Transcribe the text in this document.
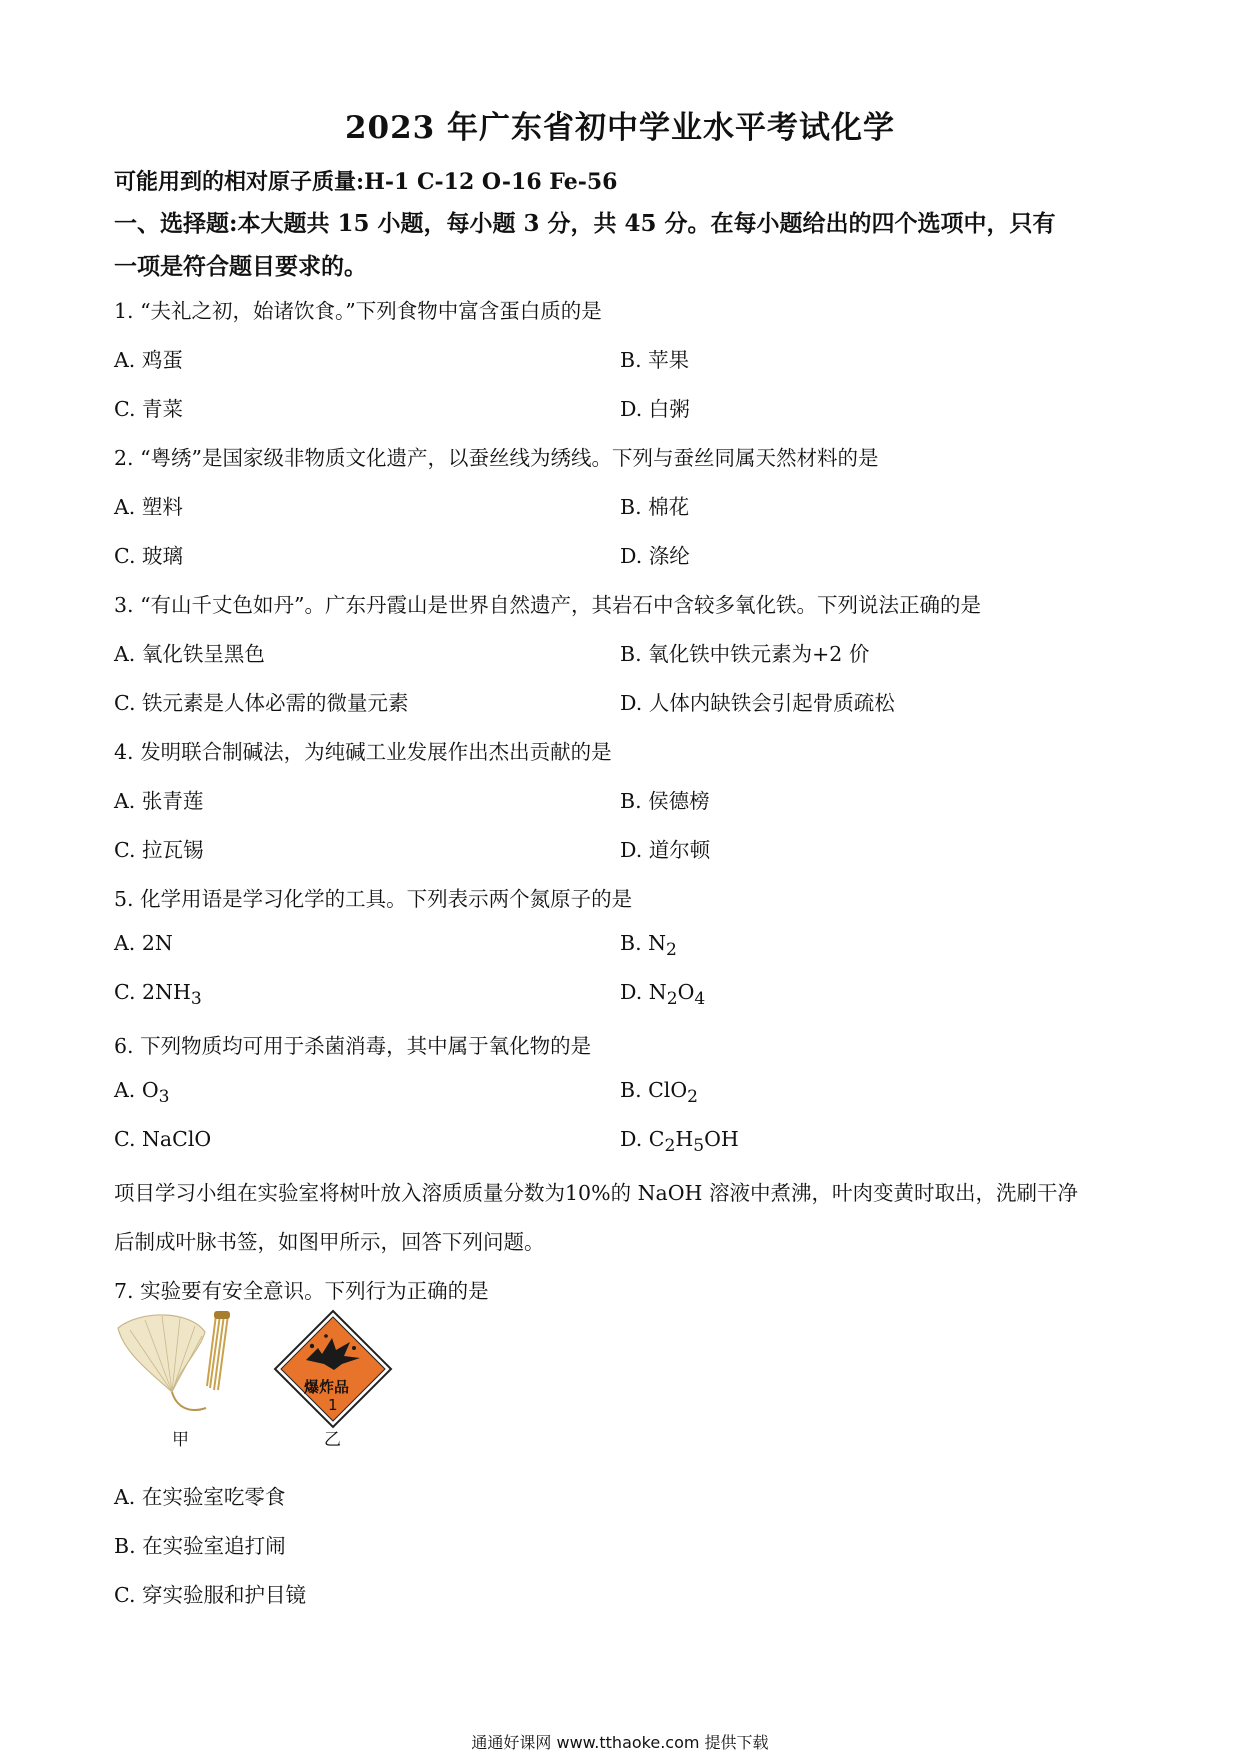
2023 年广东省初中学业水平考试化学
可能用到的相对原子质量:H-1 C-12 O-16 Fe-56
一、选择题:本大题共 15 小题，每小题 3 分，共 45 分。在每小题给出的四个选项中，只有
一项是符合题目要求的。
1. “夫礼之初，始诸饮食。”下列食物中富含蛋白质的是
A. 鸡蛋	B. 苹果
C. 青菜	D. 白粥
2. “粤绣”是国家级非物质文化遗产，以蚕丝线为绣线。下列与蚕丝同属天然材料的是
A. 塑料	B. 棉花
C. 玻璃	D. 涤纶
3. “有山千丈色如丹”。广东丹霞山是世界自然遗产，其岩石中含较多氧化铁。下列说法正确的是
A. 氧化铁呈黑色	B. 氧化铁中铁元素为+2 价
C. 铁元素是人体必需的微量元素	D. 人体内缺铁会引起骨质疏松
4. 发明联合制碱法，为纯碱工业发展作出杰出贡献的是
A. 张青莲	B. 侯德榜
C. 拉瓦锡	D. 道尔顿
5. 化学用语是学习化学的工具。下列表示两个氮原子的是
A. 2N	B. $N_2$
C. $2NH_3$	D. $N_2O_4$
6. 下列物质均可用于杀菌消毒，其中属于氧化物的是
A. $O_3$	B. ClO$_2$
C. NaClO	D. $C_2H_5OH$
项目学习小组在实验室将树叶放入溶质质量分数为10%的 NaOH 溶液中煮沸，叶肉变黄时取出，洗刷干净
后制成叶脉书签，如图甲所示，回答下列问题。
7. 实验要有安全意识。下列行为正确的是
甲
爆炸品
1
乙
A. 在实验室吃零食
B. 在实验室追打闹
C. 穿实验服和护目镜
通通好课网 www.tthaoke.com 提供下载
